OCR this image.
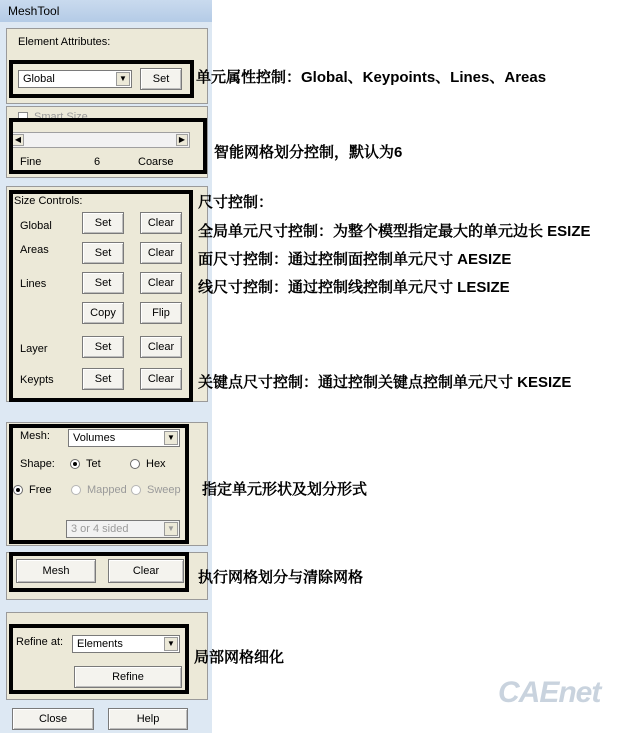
MeshTool
Element Attributes:
Global	▼	Set
Smart Size
◀	▶
Fine	6	Coarse
Size Controls:
Global	Set	Clear
Areas	Set	Clear
Lines	Set	Clear
Copy	Flip
Layer	Set	Clear
Keypts	Set	Clear
Mesh:	Volumes	▼
Shape:	Tet	Hex
Free	Mapped Sweep
3 or 4 sided	▼
Mesh	Clear
Refine at:	Elements	▼
Refine
Close	Help
单元属性控制：Global、Keypoints、Lines、Areas
智能网格划分控制，默认为6
尺寸控制：
全局单元尺寸控制：为整个模型指定最大的单元边长 ESIZE
面尺寸控制：通过控制面控制单元尺寸 AESIZE
线尺寸控制：通过控制线控制单元尺寸 LESIZE
关键点尺寸控制：通过控制关键点控制单元尺寸 KESIZE
指定单元形状及划分形式
执行网格划分与清除网格
局部网格细化
CAEnet
